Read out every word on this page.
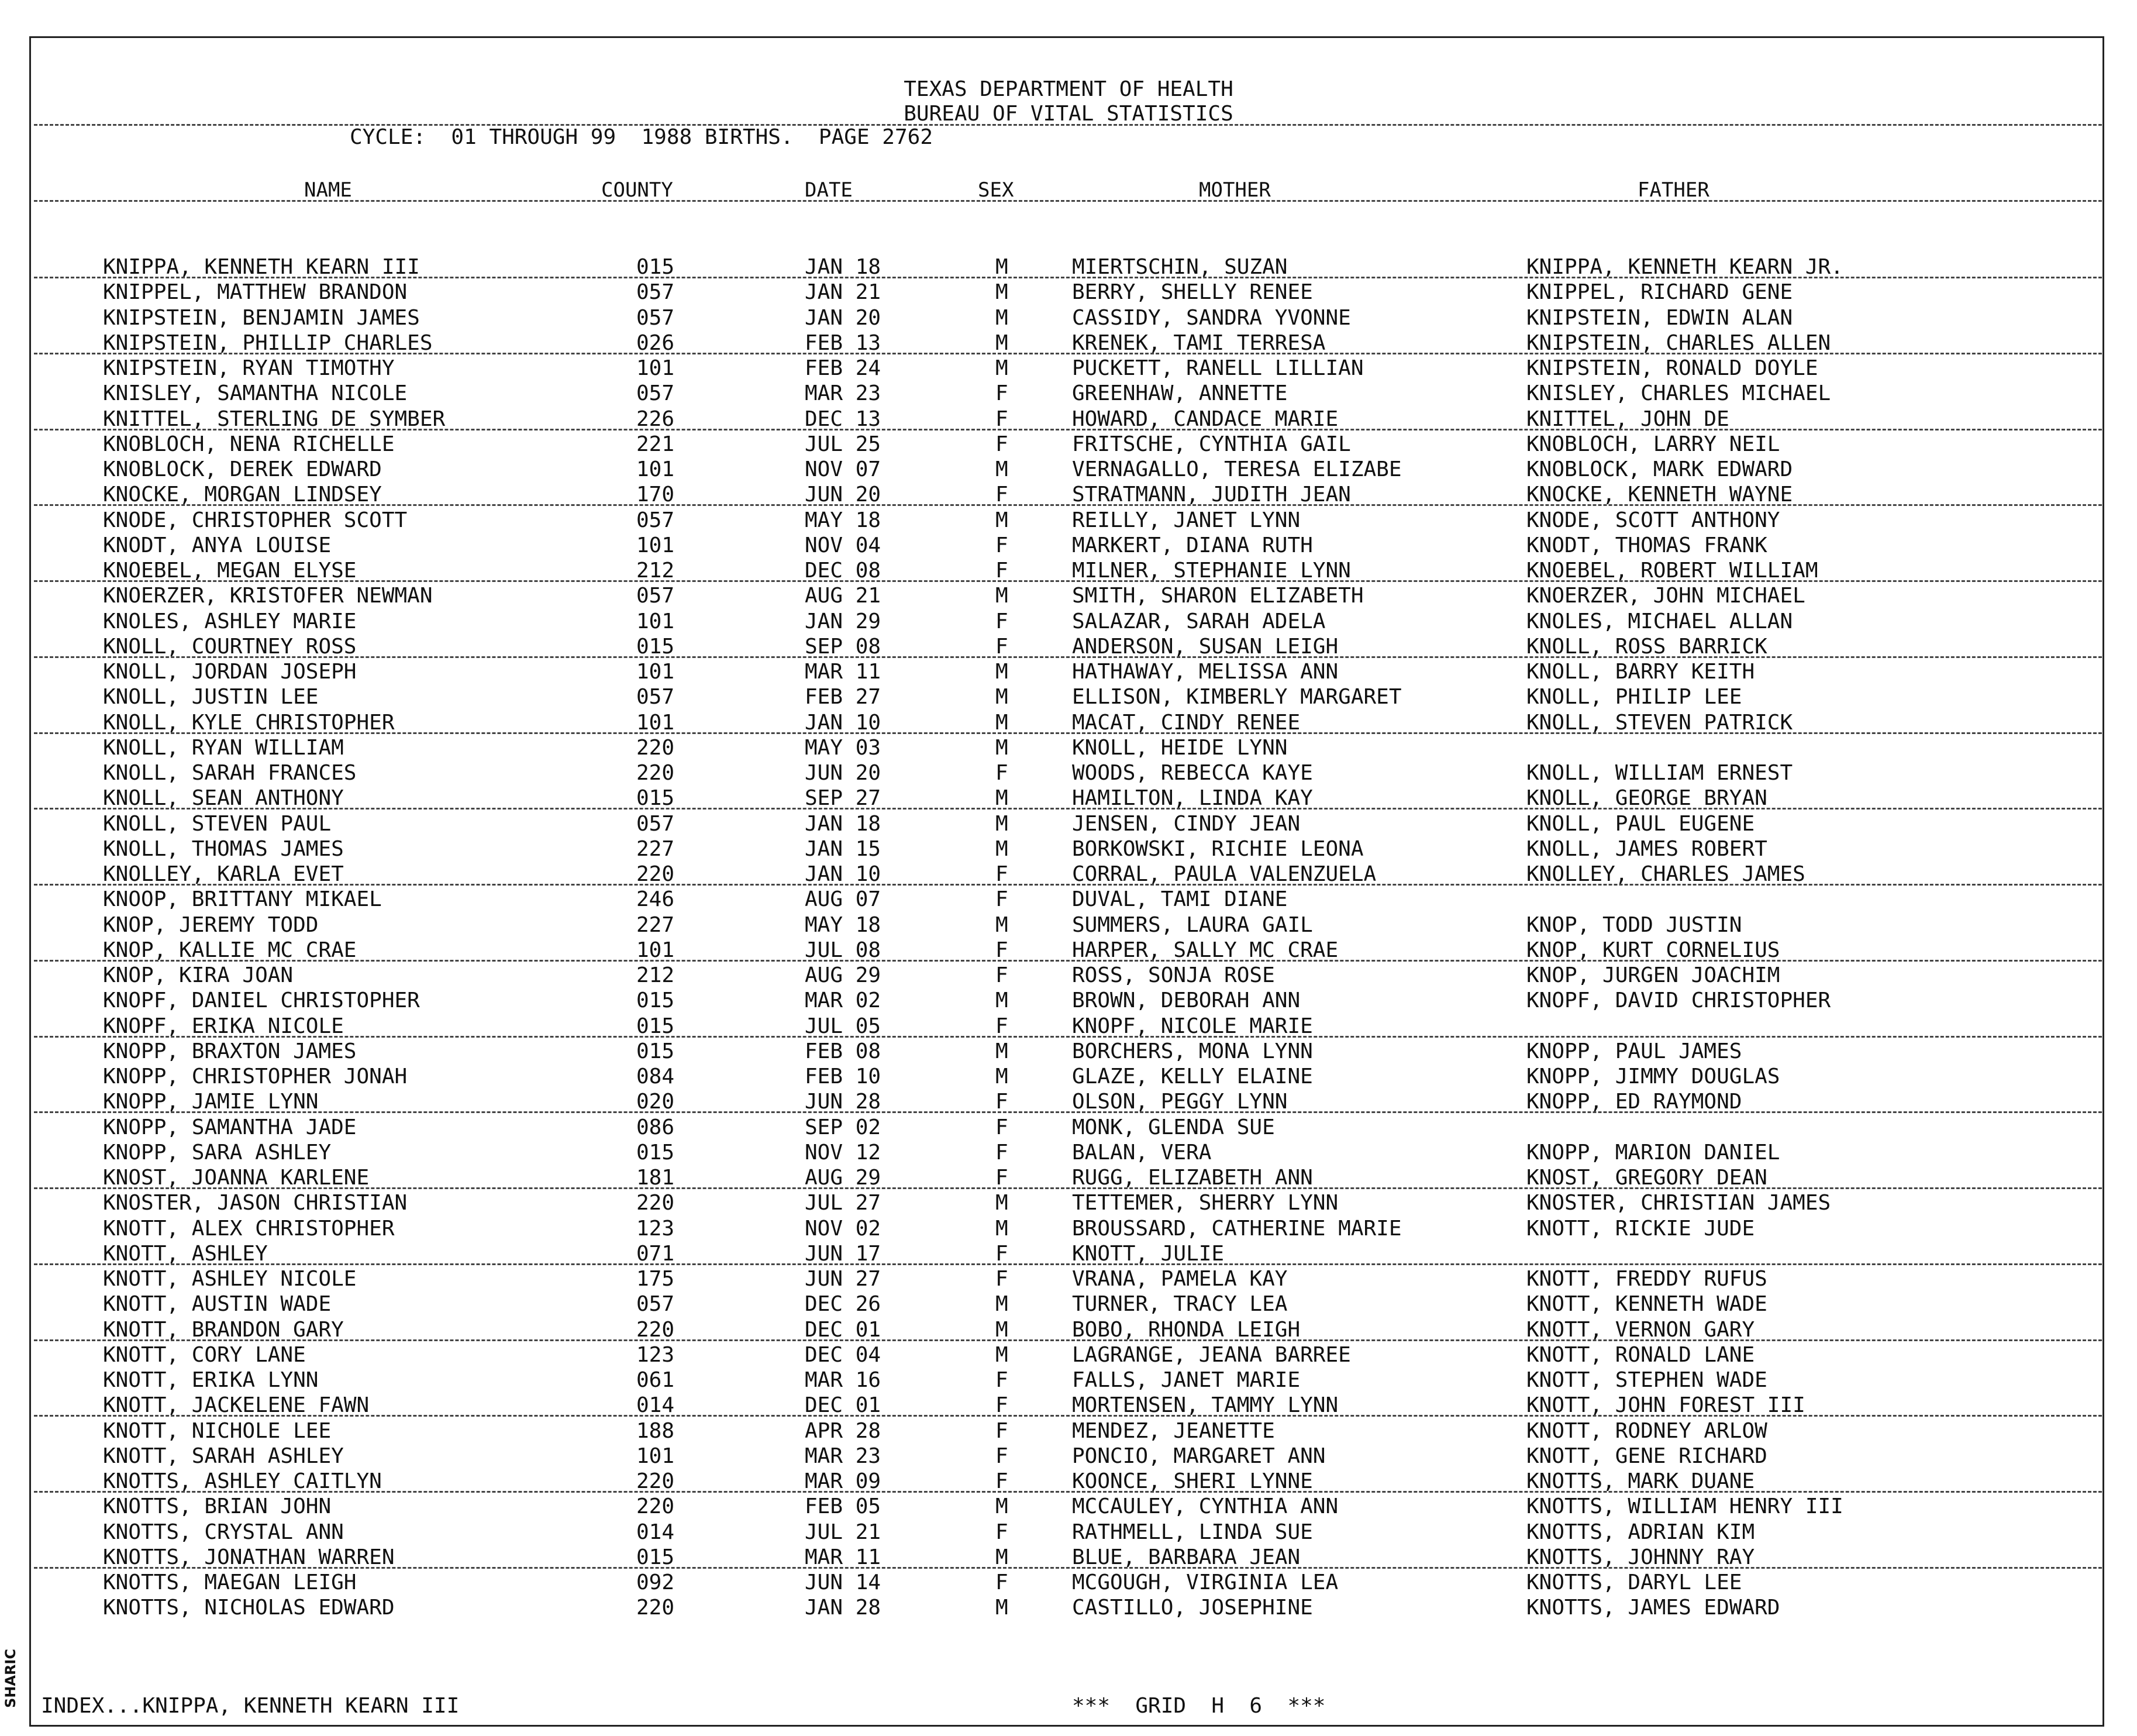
TEXAS DEPARTMENT OF HEALTH
BUREAU OF VITAL STATISTICS
CYCLE:  01 THROUGH 99  1988 BIRTHS.  PAGE 2762
NAME	COUNTY	DATE	SEX	MOTHER	FATHER
KNIPPA, KENNETH KEARN III	015	JAN 18	M	MIERTSCHIN, SUZAN	KNIPPA, KENNETH KEARN JR.
KNIPPEL, MATTHEW BRANDON	057	JAN 21	M	BERRY, SHELLY RENEE	KNIPPEL, RICHARD GENE
KNIPSTEIN, BENJAMIN JAMES	057	JAN 20	M	CASSIDY, SANDRA YVONNE	KNIPSTEIN, EDWIN ALAN
KNIPSTEIN, PHILLIP CHARLES	026	FEB 13	M	KRENEK, TAMI TERRESA	KNIPSTEIN, CHARLES ALLEN
KNIPSTEIN, RYAN TIMOTHY	101	FEB 24	M	PUCKETT, RANELL LILLIAN	KNIPSTEIN, RONALD DOYLE
KNISLEY, SAMANTHA NICOLE	057	MAR 23	F	GREENHAW, ANNETTE	KNISLEY, CHARLES MICHAEL
KNITTEL, STERLING DE SYMBER	226	DEC 13	F	HOWARD, CANDACE MARIE	KNITTEL, JOHN DE
KNOBLOCH, NENA RICHELLE	221	JUL 25	F	FRITSCHE, CYNTHIA GAIL	KNOBLOCH, LARRY NEIL
KNOBLOCK, DEREK EDWARD	101	NOV 07	M	VERNAGALLO, TERESA ELIZABE	KNOBLOCK, MARK EDWARD
KNOCKE, MORGAN LINDSEY	170	JUN 20	F	STRATMANN, JUDITH JEAN	KNOCKE, KENNETH WAYNE
KNODE, CHRISTOPHER SCOTT	057	MAY 18	M	REILLY, JANET LYNN	KNODE, SCOTT ANTHONY
KNODT, ANYA LOUISE	101	NOV 04	F	MARKERT, DIANA RUTH	KNODT, THOMAS FRANK
KNOEBEL, MEGAN ELYSE	212	DEC 08	F	MILNER, STEPHANIE LYNN	KNOEBEL, ROBERT WILLIAM
KNOERZER, KRISTOFER NEWMAN	057	AUG 21	M	SMITH, SHARON ELIZABETH	KNOERZER, JOHN MICHAEL
KNOLES, ASHLEY MARIE	101	JAN 29	F	SALAZAR, SARAH ADELA	KNOLES, MICHAEL ALLAN
KNOLL, COURTNEY ROSS	015	SEP 08	F	ANDERSON, SUSAN LEIGH	KNOLL, ROSS BARRICK
KNOLL, JORDAN JOSEPH	101	MAR 11	M	HATHAWAY, MELISSA ANN	KNOLL, BARRY KEITH
KNOLL, JUSTIN LEE	057	FEB 27	M	ELLISON, KIMBERLY MARGARET	KNOLL, PHILIP LEE
KNOLL, KYLE CHRISTOPHER	101	JAN 10	M	MACAT, CINDY RENEE	KNOLL, STEVEN PATRICK
KNOLL, RYAN WILLIAM	220	MAY 03	M	KNOLL, HEIDE LYNN
KNOLL, SARAH FRANCES	220	JUN 20	F	WOODS, REBECCA KAYE	KNOLL, WILLIAM ERNEST
KNOLL, SEAN ANTHONY	015	SEP 27	M	HAMILTON, LINDA KAY	KNOLL, GEORGE BRYAN
KNOLL, STEVEN PAUL	057	JAN 18	M	JENSEN, CINDY JEAN	KNOLL, PAUL EUGENE
KNOLL, THOMAS JAMES	227	JAN 15	M	BORKOWSKI, RICHIE LEONA	KNOLL, JAMES ROBERT
KNOLLEY, KARLA EVET	220	JAN 10	F	CORRAL, PAULA VALENZUELA	KNOLLEY, CHARLES JAMES
KNOOP, BRITTANY MIKAEL	246	AUG 07	F	DUVAL, TAMI DIANE
KNOP, JEREMY TODD	227	MAY 18	M	SUMMERS, LAURA GAIL	KNOP, TODD JUSTIN
KNOP, KALLIE MC CRAE	101	JUL 08	F	HARPER, SALLY MC CRAE	KNOP, KURT CORNELIUS
KNOP, KIRA JOAN	212	AUG 29	F	ROSS, SONJA ROSE	KNOP, JURGEN JOACHIM
KNOPF, DANIEL CHRISTOPHER	015	MAR 02	M	BROWN, DEBORAH ANN	KNOPF, DAVID CHRISTOPHER
KNOPF, ERIKA NICOLE	015	JUL 05	F	KNOPF, NICOLE MARIE
KNOPP, BRAXTON JAMES	015	FEB 08	M	BORCHERS, MONA LYNN	KNOPP, PAUL JAMES
KNOPP, CHRISTOPHER JONAH	084	FEB 10	M	GLAZE, KELLY ELAINE	KNOPP, JIMMY DOUGLAS
KNOPP, JAMIE LYNN	020	JUN 28	F	OLSON, PEGGY LYNN	KNOPP, ED RAYMOND
KNOPP, SAMANTHA JADE	086	SEP 02	F	MONK, GLENDA SUE
KNOPP, SARA ASHLEY	015	NOV 12	F	BALAN, VERA	KNOPP, MARION DANIEL
KNOST, JOANNA KARLENE	181	AUG 29	F	RUGG, ELIZABETH ANN	KNOST, GREGORY DEAN
KNOSTER, JASON CHRISTIAN	220	JUL 27	M	TETTEMER, SHERRY LYNN	KNOSTER, CHRISTIAN JAMES
KNOTT, ALEX CHRISTOPHER	123	NOV 02	M	BROUSSARD, CATHERINE MARIE	KNOTT, RICKIE JUDE
KNOTT, ASHLEY	071	JUN 17	F	KNOTT, JULIE
KNOTT, ASHLEY NICOLE	175	JUN 27	F	VRANA, PAMELA KAY	KNOTT, FREDDY RUFUS
KNOTT, AUSTIN WADE	057	DEC 26	M	TURNER, TRACY LEA	KNOTT, KENNETH WADE
KNOTT, BRANDON GARY	220	DEC 01	M	BOBO, RHONDA LEIGH	KNOTT, VERNON GARY
KNOTT, CORY LANE	123	DEC 04	M	LAGRANGE, JEANA BARREE	KNOTT, RONALD LANE
KNOTT, ERIKA LYNN	061	MAR 16	F	FALLS, JANET MARIE	KNOTT, STEPHEN WADE
KNOTT, JACKELENE FAWN	014	DEC 01	F	MORTENSEN, TAMMY LYNN	KNOTT, JOHN FOREST III
KNOTT, NICHOLE LEE	188	APR 28	F	MENDEZ, JEANETTE	KNOTT, RODNEY ARLOW
KNOTT, SARAH ASHLEY	101	MAR 23	F	PONCIO, MARGARET ANN	KNOTT, GENE RICHARD
KNOTTS, ASHLEY CAITLYN	220	MAR 09	F	KOONCE, SHERI LYNNE	KNOTTS, MARK DUANE
KNOTTS, BRIAN JOHN	220	FEB 05	M	MCCAULEY, CYNTHIA ANN	KNOTTS, WILLIAM HENRY III
KNOTTS, CRYSTAL ANN	014	JUL 21	F	RATHMELL, LINDA SUE	KNOTTS, ADRIAN KIM
KNOTTS, JONATHAN WARREN	015	MAR 11	M	BLUE, BARBARA JEAN	KNOTTS, JOHNNY RAY
KNOTTS, MAEGAN LEIGH	092	JUN 14	F	MCGOUGH, VIRGINIA LEA	KNOTTS, DARYL LEE
KNOTTS, NICHOLAS EDWARD	220	JAN 28	M	CASTILLO, JOSEPHINE	KNOTTS, JAMES EDWARD
INDEX...KNIPPA, KENNETH KEARN III	***  GRID  H  6  ***
SHARIC
